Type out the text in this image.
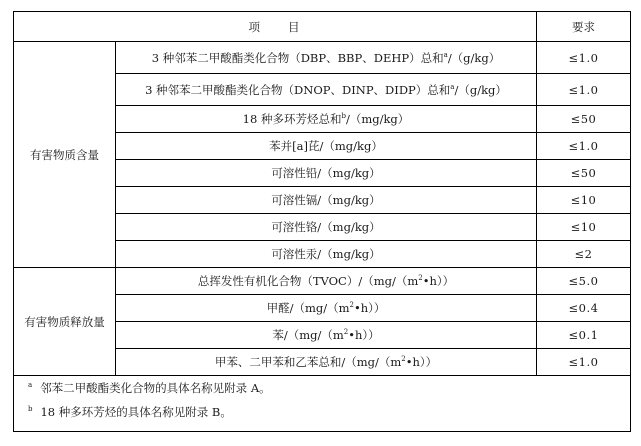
项 目		要求
有害物质含量	3 种邻苯二甲酸酯类化合物（DBP、BBP、DEHP）总和$^a$/（g/kg）	≤1.0
	3 种邻苯二甲酸酯类化合物（DNOP、DINP、DIDP）总和$^a$/（g/kg）	≤1.0
	18 种多环芳烃总和$^b$/（mg/kg）	≤50
	苯并[a]芘/（mg/kg）	≤1.0
	可溶性铅/（mg/kg）	≤50
	可溶性镉/（mg/kg）	≤10
	可溶性铬/（mg/kg）	≤10
	可溶性汞/（mg/kg）	≤2
有害物质释放量	总挥发性有机化合物$(TVOC)/(mg/(m^2•h))$	≤5.0
	甲醛$/(mg/(m^2•h))$	≤0.4
	苯$/(mg/(m^2•h))$	≤0.1
	甲苯、二甲苯和乙苯总和$/(mg/(m^2•h))$	≤1.0

$^a$ 邻苯二甲酸酯类化合物的具体名称见附录 A。
$^b$ 18 种多环芳烃的具体名称见附录 B。		
